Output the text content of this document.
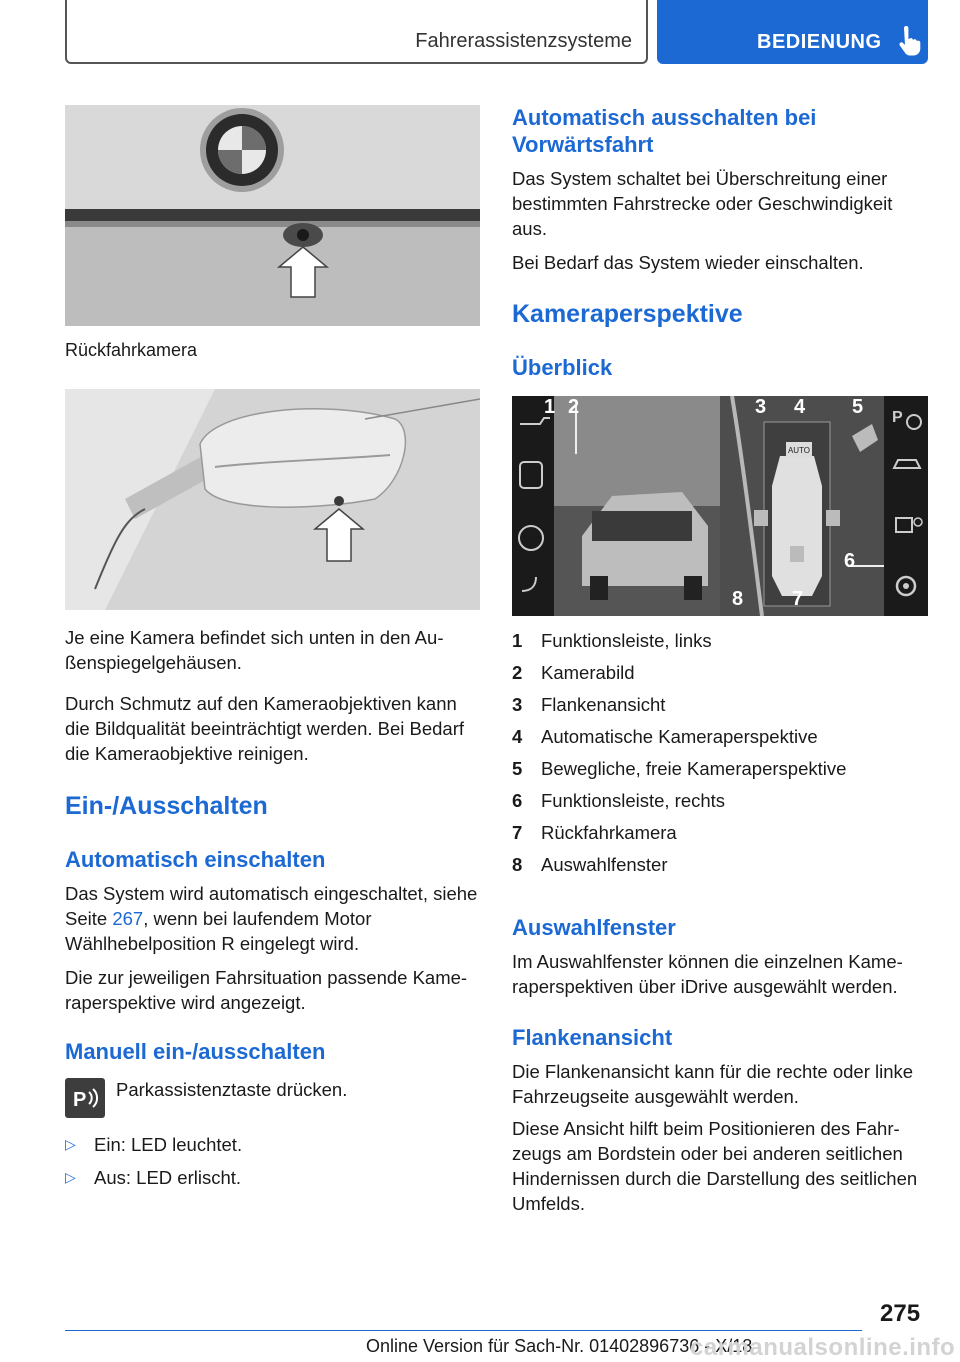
Fahrerassistenzsysteme	BEDIENUNG
Rückfahrkamera

Je eine Kamera befindet sich unten in den Außenspiegelgehäusen.

Durch Schmutz auf den Kameraobjektiven kann die Bildqualität beeinträchtigt werden. Bei Bedarf die Kameraobjektive reinigen.

Ein-/Ausschalten
Automatisch einschalten

Das System wird automatisch eingeschaltet, siehe Seite 267, wenn bei laufendem Motor Wählhebelposition R eingelegt wird.

Die zur jeweiligen Fahrsituation passende Kameraperspektive wird angezeigt.

Manuell ein-/ausschalten
P Parkassistenztaste drücken.

▷ Ein: LED leuchtet.
▷ Aus: LED erlischt.
Automatisch ausschalten bei Vorwärtsfahrt

Das System schaltet bei Überschreitung einer bestimmten Fahrstrecke oder Geschwindigkeit aus.

Bei Bedarf das System wieder einschalten.

Kameraperspektive
Überblick
AUTO
P
1 2	3 4 5
6
7
8
1	Funktionsleiste, links
2	Kamerabild
3	Flankenansicht
4	Automatische Kameraperspektive
5	Bewegliche, freie Kameraperspektive
6	Funktionsleiste, rechts
7	Rückfahrkamera
8	Auswahlfenster
Auswahlfenster

Im Auswahlfenster können die einzelnen Kameraperspektiven über iDrive ausgewählt werden.

Flankenansicht

Die Flankenansicht kann für die rechte oder linke Fahrzeugseite ausgewählt werden.

Diese Ansicht hilft beim Positionieren des Fahrzeugs am Bordstein oder bei anderen seitlichen Hindernissen durch die Darstellung des seitlichen Umfelds.

275
Online Version für Sach-Nr. 01402896736 - X/18
carmanualsonline.info
